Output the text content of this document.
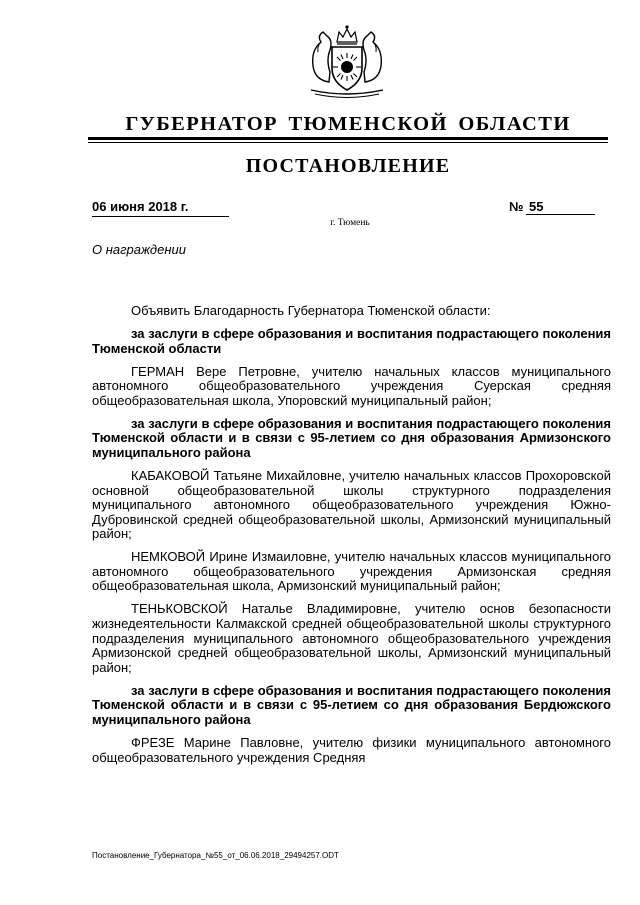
ГУБЕРНАТОР ТЮМЕНСКОЙ ОБЛАСТИ
ПОСТАНОВЛЕНИЕ
06 июня 2018 г.	№ 55
г. Тюмень
О награждении

Объявить Благодарность Губернатора Тюменской области:

за заслуги в сфере образования и воспитания подрастающего поколения Тюменской области

ГЕРМАН Вере Петровне, учителю начальных классов муниципального автономного общеобразовательного учреждения Суерская средняя общеобразовательная школа, Упоровский муниципальный район;

за заслуги в сфере образования и воспитания подрастающего поколения Тюменской области и в связи с 95-летием со дня образования Армизонского муниципального района

КАБАКОВОЙ Татьяне Михайловне, учителю начальных классов Прохоровской основной общеобразовательной школы структурного подразделения муниципального автономного общеобразовательного учреждения Южно-Дубровинской средней общеобразовательной школы, Армизонский муниципальный район;

НЕМКОВОЙ Ирине Измаиловне, учителю начальных классов муниципального автономного общеобразовательного учреждения Армизонская средняя общеобразовательная школа, Армизонский муниципальный район;

ТЕНЬКОВСКОЙ Наталье Владимировне, учителю основ безопасности жизнедеятельности Калмакской средней общеобразовательной школы структурного подразделения муниципального автономного общеобразовательного учреждения Армизонской средней общеобразовательной школы, Армизонский муниципальный район;

за заслуги в сфере образования и воспитания подрастающего поколения Тюменской области и в связи с 95-летием со дня образования Бердюжского муниципального района

ФРЕЗЕ Марине Павловне, учителю физики муниципального автономного общеобразовательного учреждения Средняя

Постановление_Губернатора_№55_от_06.06.2018_29494257.ODT
